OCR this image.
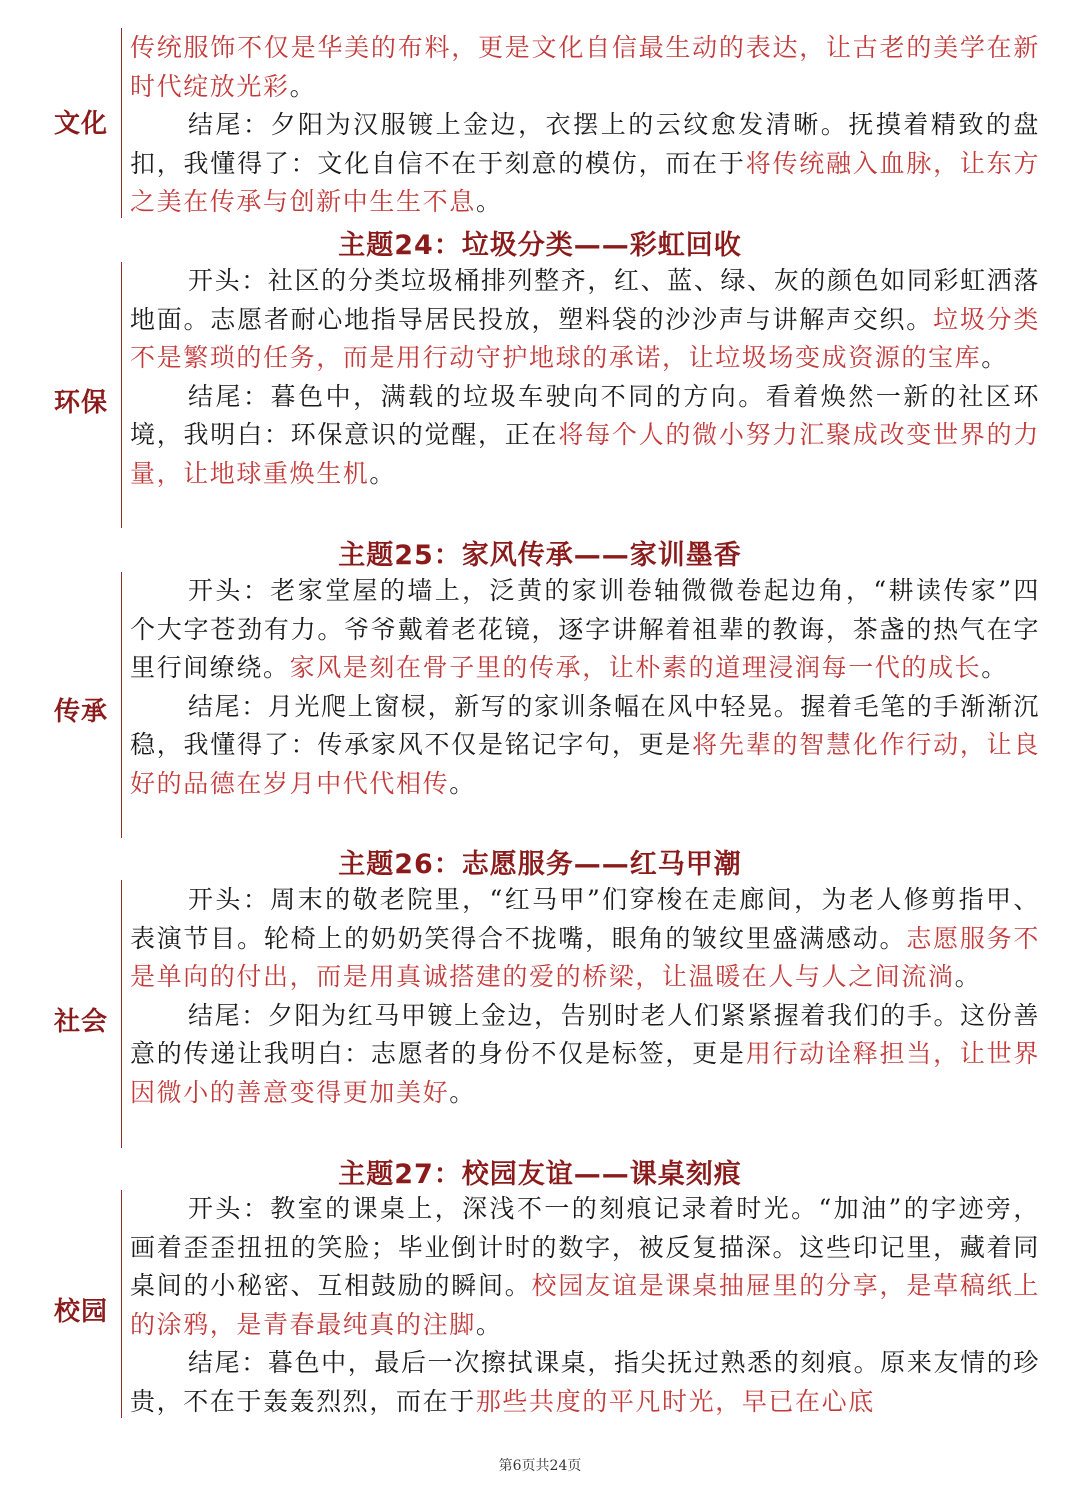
文化

传统服饰不仅是华美的布料，更是文化自信最生动的表达，让古老的美学在新时代绽放光彩。

结尾：夕阳为汉服镀上金边，衣摆上的云纹愈发清晰。抚摸着精致的盘扣，我懂得了：文化自信不在于刻意的模仿，而在于将传统融入血脉，让东方之美在传承与创新中生生不息。

主题24：垃圾分类——彩虹回收
环保

开头：社区的分类垃圾桶排列整齐，红、蓝、绿、灰的颜色如同彩虹洒落地面。志愿者耐心地指导居民投放，塑料袋的沙沙声与讲解声交织。垃圾分类不是繁琐的任务，而是用行动守护地球的承诺，让垃圾场变成资源的宝库。

结尾：暮色中，满载的垃圾车驶向不同的方向。看着焕然一新的社区环境，我明白：环保意识的觉醒，正在将每个人的微小努力汇聚成改变世界的力量，让地球重焕生机。

主题25：家风传承——家训墨香
传承

开头：老家堂屋的墙上，泛黄的家训卷轴微微卷起边角，“耕读传家”四个大字苍劲有力。爷爷戴着老花镜，逐字讲解着祖辈的教诲，茶盏的热气在字里行间缭绕。家风是刻在骨子里的传承，让朴素的道理浸润每一代的成长。

结尾：月光爬上窗棂，新写的家训条幅在风中轻晃。握着毛笔的手渐渐沉稳，我懂得了：传承家风不仅是铭记字句，更是将先辈的智慧化作行动，让良好的品德在岁月中代代相传。

主题26：志愿服务——红马甲潮
社会

开头：周末的敬老院里，“红马甲”们穿梭在走廊间，为老人修剪指甲、表演节目。轮椅上的奶奶笑得合不拢嘴，眼角的皱纹里盛满感动。志愿服务不是单向的付出，而是用真诚搭建的爱的桥梁，让温暖在人与人之间流淌。

结尾：夕阳为红马甲镀上金边，告别时老人们紧紧握着我们的手。这份善意的传递让我明白：志愿者的身份不仅是标签，更是用行动诠释担当，让世界因微小的善意变得更加美好。

主题27：校园友谊——课桌刻痕
校园

开头：教室的课桌上，深浅不一的刻痕记录着时光。“加油”的字迹旁，画着歪歪扭扭的笑脸；毕业倒计时的数字，被反复描深。这些印记里，藏着同桌间的小秘密、互相鼓励的瞬间。校园友谊是课桌抽屉里的分享，是草稿纸上的涂鸦，是青春最纯真的注脚。

结尾：暮色中，最后一次擦拭课桌，指尖抚过熟悉的刻痕。原来友情的珍贵，不在于轰轰烈烈，而在于那些共度的平凡时光，早已在心底

第6页共24页
